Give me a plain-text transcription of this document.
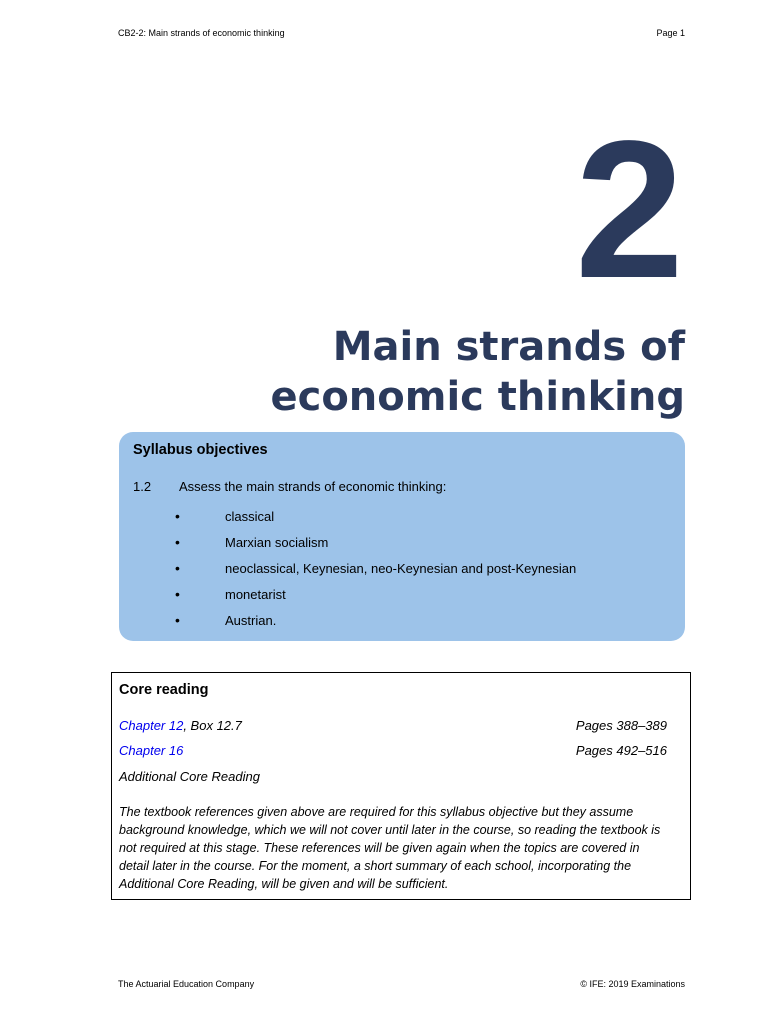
CB2-2: Main strands of economic thinking	Page 1
2
Main strands of economic thinking
Syllabus objectives
1.2 Assess the main strands of economic thinking:
•	classical
•	Marxian socialism
•	neoclassical, Keynesian, neo-Keynesian and post-Keynesian
•	monetarist
•	Austrian.
Core reading
Chapter 12, Box 12.7	Pages 388–389
Chapter 16	Pages 492–516
Additional Core Reading
The textbook references given above are required for this syllabus objective but they assume background knowledge, which we will not cover until later in the course, so reading the textbook is not required at this stage. These references will be given again when the topics are covered in detail later in the course. For the moment, a short summary of each school, incorporating the Additional Core Reading, will be given and will be sufficient.
The Actuarial Education Company	© IFE: 2019 Examinations
